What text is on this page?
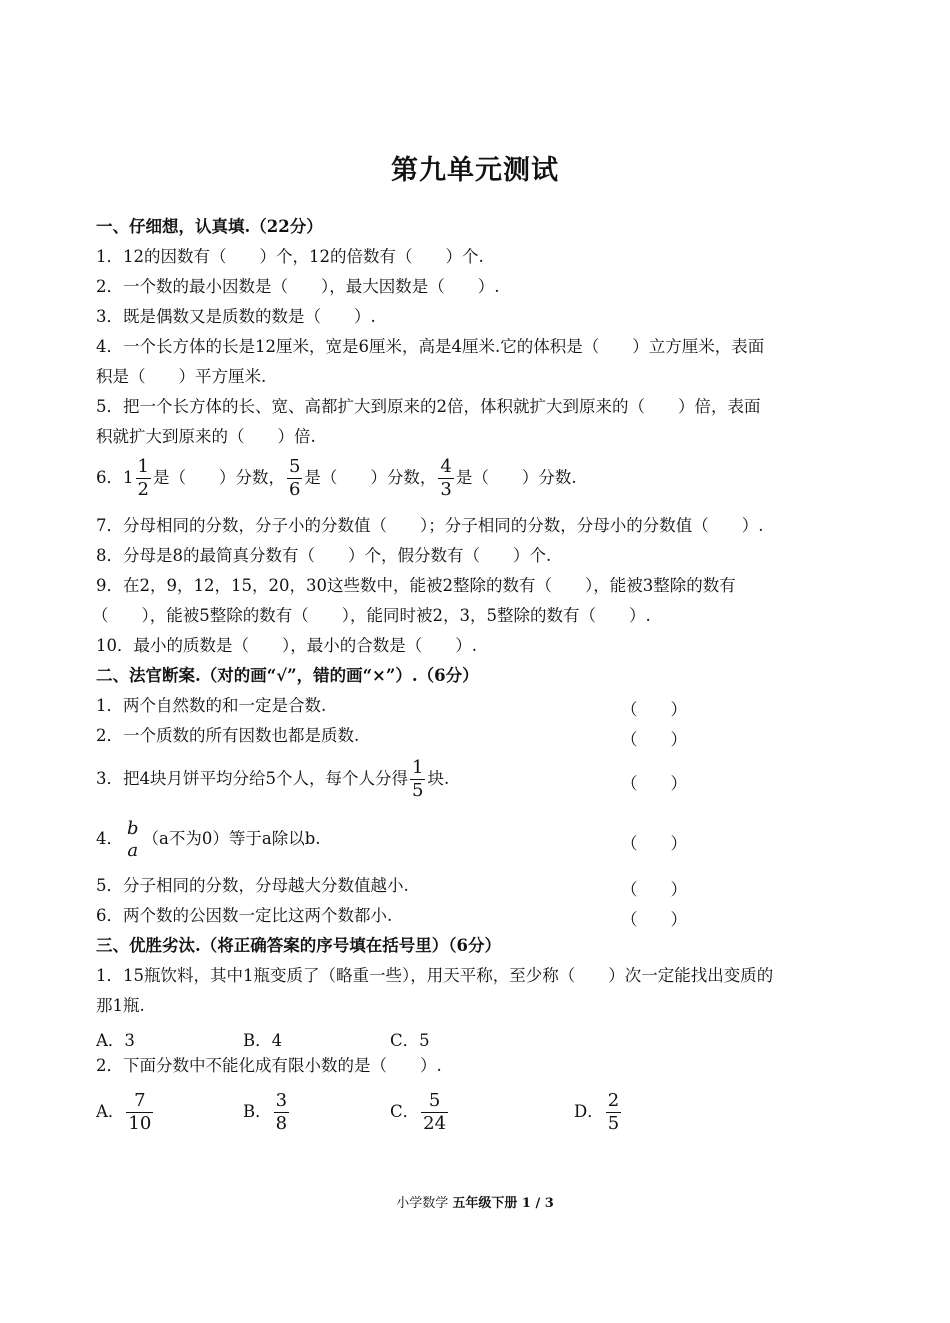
第九单元测试
一、仔细想，认真填.（22分）
1．12的因数有（　　）个，12的倍数有（　　）个.
2．一个数的最小因数是（　　），最大因数是（　　）.
3．既是偶数又是质数的数是（　　）.
4．一个长方体的长是12厘米，宽是6厘米，高是4厘米.它的体积是（　　）立方厘米，表面
积是（　　）平方厘米.
5．把一个长方体的长、宽、高都扩大到原来的2倍，体积就扩大到原来的（　　）倍，表面
积就扩大到原来的（　　）倍.
6．$1 \frac{1}{2}$ 是（　　）分数， $\frac{5}{6}$ 是（　　）分数， $\frac{4}{3}$ 是（　　）分数.
7．分母相同的分数，分子小的分数值（　　）；分子相同的分数，分母小的分数值（　　）.
8．分母是8的最简真分数有（　　）个，假分数有（　　）个.
9．在2，9，12，15，20，30这些数中，能被2整除的数有（　　），能被3整除的数有
（　　），能被5整除的数有（　　），能同时被2，3，5整除的数有（　　）.
10．最小的质数是（　　），最小的合数是（　　）.
二、法官断案.（对的画“√”，错的画“×”）.（6分）
1．两个自然数的和一定是合数.	（　　）
2．一个质数的所有因数也都是质数.	（　　）
3．把4块月饼平均分给5个人，每个人分得 $\frac{1}{5}$ 块.	（　　）
4． b
a
（a不为0）等于a除以b.	（　　）
5．分子相同的分数，分母越大分数值越小.	（　　）
6．两个数的公因数一定比这两个数都小.	（　　）
三、优胜劣汰.（将正确答案的序号填在括号里）（6分）
1．15瓶饮料，其中1瓶变质了（略重一些），用天平称，至少称（　　）次一定能找出变质的
那1瓶.
A．3	B．4	C．5
2．下面分数中不能化成有限小数的是（　　）.
A． $\frac{7}{10}$	B． $\frac{3}{8}$	C． $\frac{5}{24}$	D． $\frac{2}{5}$
小学数学 五年级下册 1 / 3
